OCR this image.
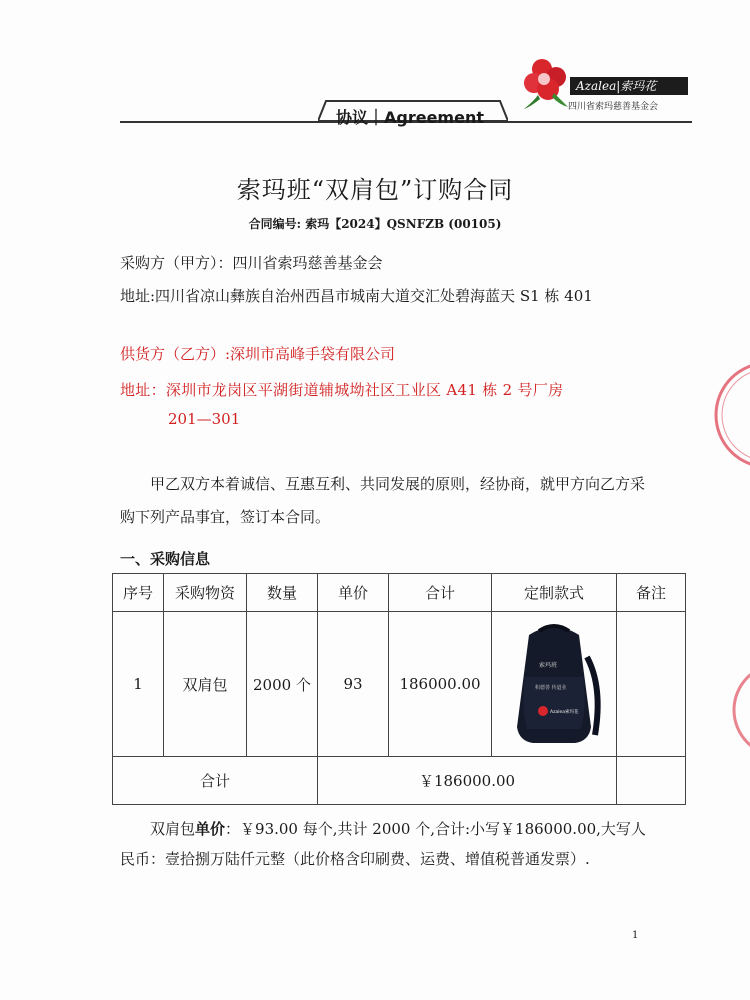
Azalea|索玛花
四川省索玛慈善基金会
协议｜Agreement
索玛班“双肩包”订购合同
合同编号: 索玛【2024】QSNFZB (00105)
采购方（甲方）：四川省索玛慈善基金会
地址:四川省凉山彝族自治州西昌市城南大道交汇处碧海蓝天 S1 栋 401
供货方（乙方）:深圳市高峰手袋有限公司
地址：深圳市龙岗区平湖街道辅城坳社区工业区 A41 栋 2 号厂房
201—301
甲乙双方本着诚信、互惠互利、共同发展的原则，经协商，就甲方向乙方采购下列产品事宜，签订本合同。
一、采购信息
序号	采购物资	数量	单价	合计	定制款式	备注
1	双肩包	2000 个	93	186000.00	索玛班
积德善 传道业
Azalea索玛花	

合计			￥186000.00			
双肩包单价：￥93.00 每个,共计 2000 个,合计:小写￥186000.00,大写人民币：壹拾捌万陆仟元整（此价格含印刷费、运费、增值税普通发票）.
1
